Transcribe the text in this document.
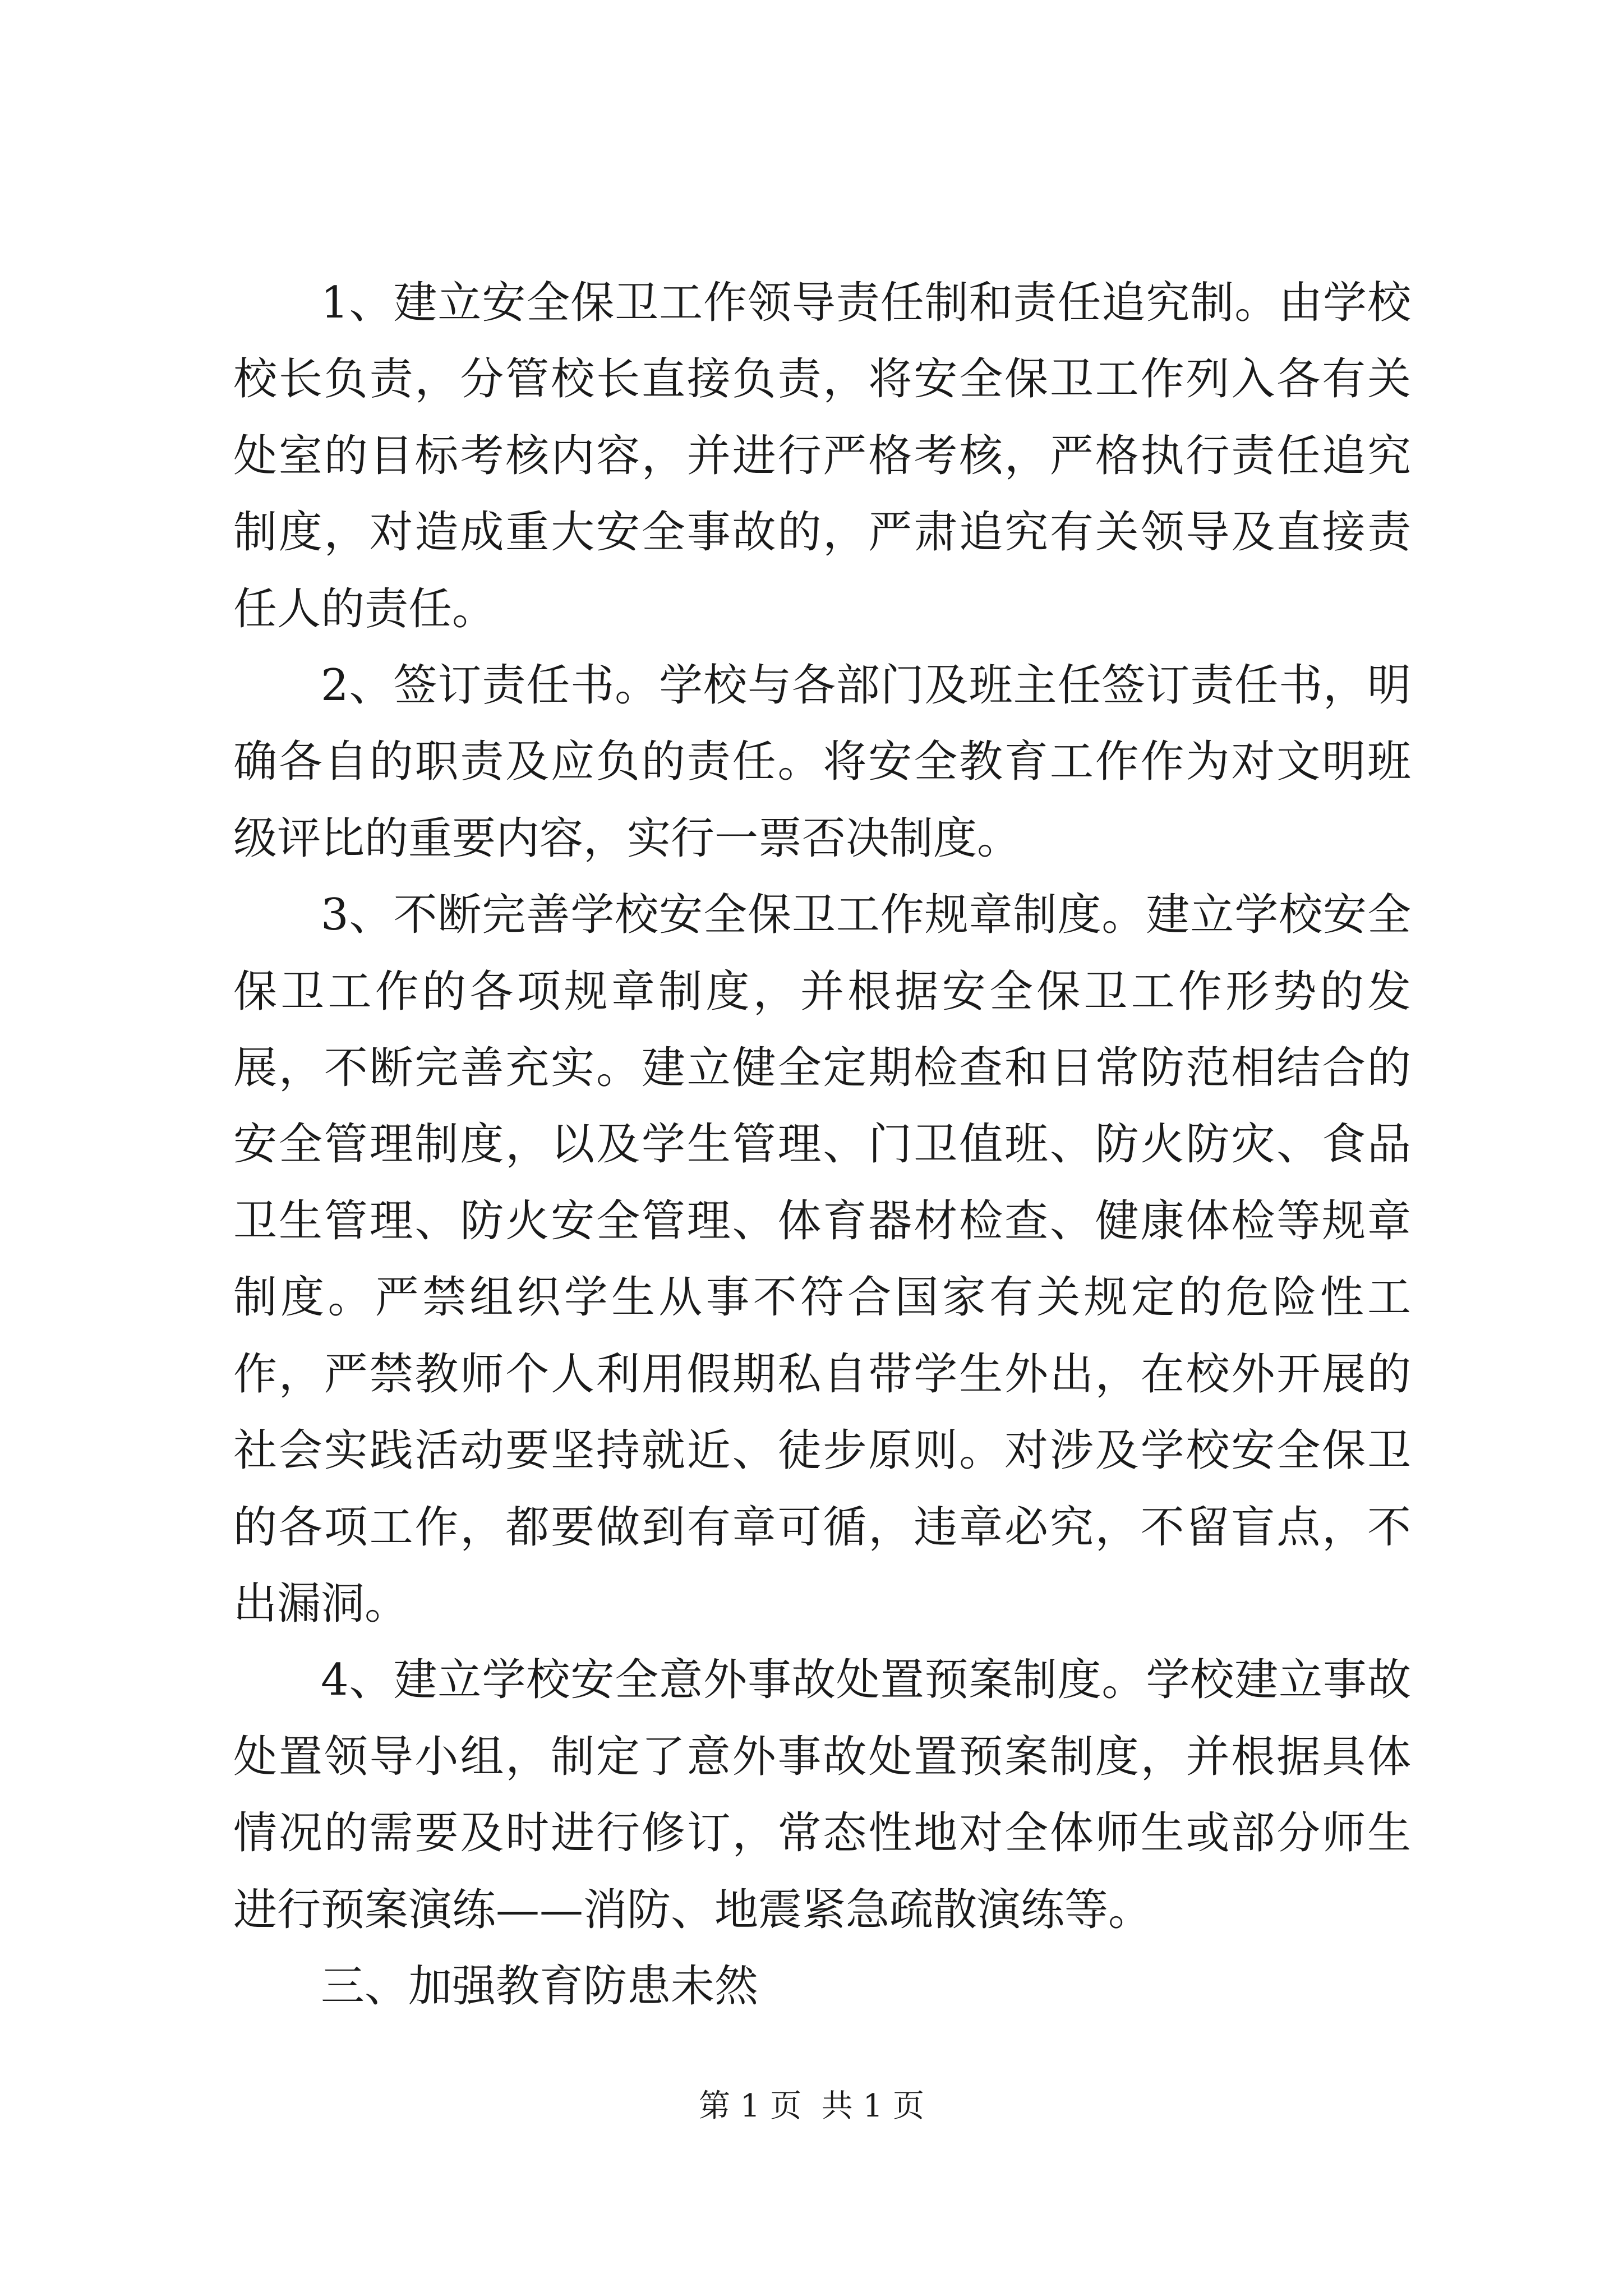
1、建立安全保卫工作领导责任制和责任追究制。由学校校长负责，分管校长直接负责，将安全保卫工作列入各有关处室的目标考核内容，并进行严格考核，严格执行责任追究制度，对造成重大安全事故的，严肃追究有关领导及直接责任人的责任。

2、签订责任书。学校与各部门及班主任签订责任书，明确各自的职责及应负的责任。将安全教育工作作为对文明班级评比的重要内容，实行一票否决制度。

3、不断完善学校安全保卫工作规章制度。建立学校安全保卫工作的各项规章制度，并根据安全保卫工作形势的发展，不断完善充实。建立健全定期检查和日常防范相结合的安全管理制度，以及学生管理、门卫值班、防火防灾、食品卫生管理、防火安全管理、体育器材检查、健康体检等规章制度。严禁组织学生从事不符合国家有关规定的危险性工作，严禁教师个人利用假期私自带学生外出，在校外开展的社会实践活动要坚持就近、徒步原则。对涉及学校安全保卫的各项工作，都要做到有章可循，违章必究，不留盲点，不出漏洞。

4、建立学校安全意外事故处置预案制度。学校建立事故处置领导小组，制定了意外事故处置预案制度，并根据具体情况的需要及时进行修订，常态性地对全体师生或部分师生进行预案演练——消防、地震紧急疏散演练等。

三、加强教育防患未然

第 1 页  共 1 页
